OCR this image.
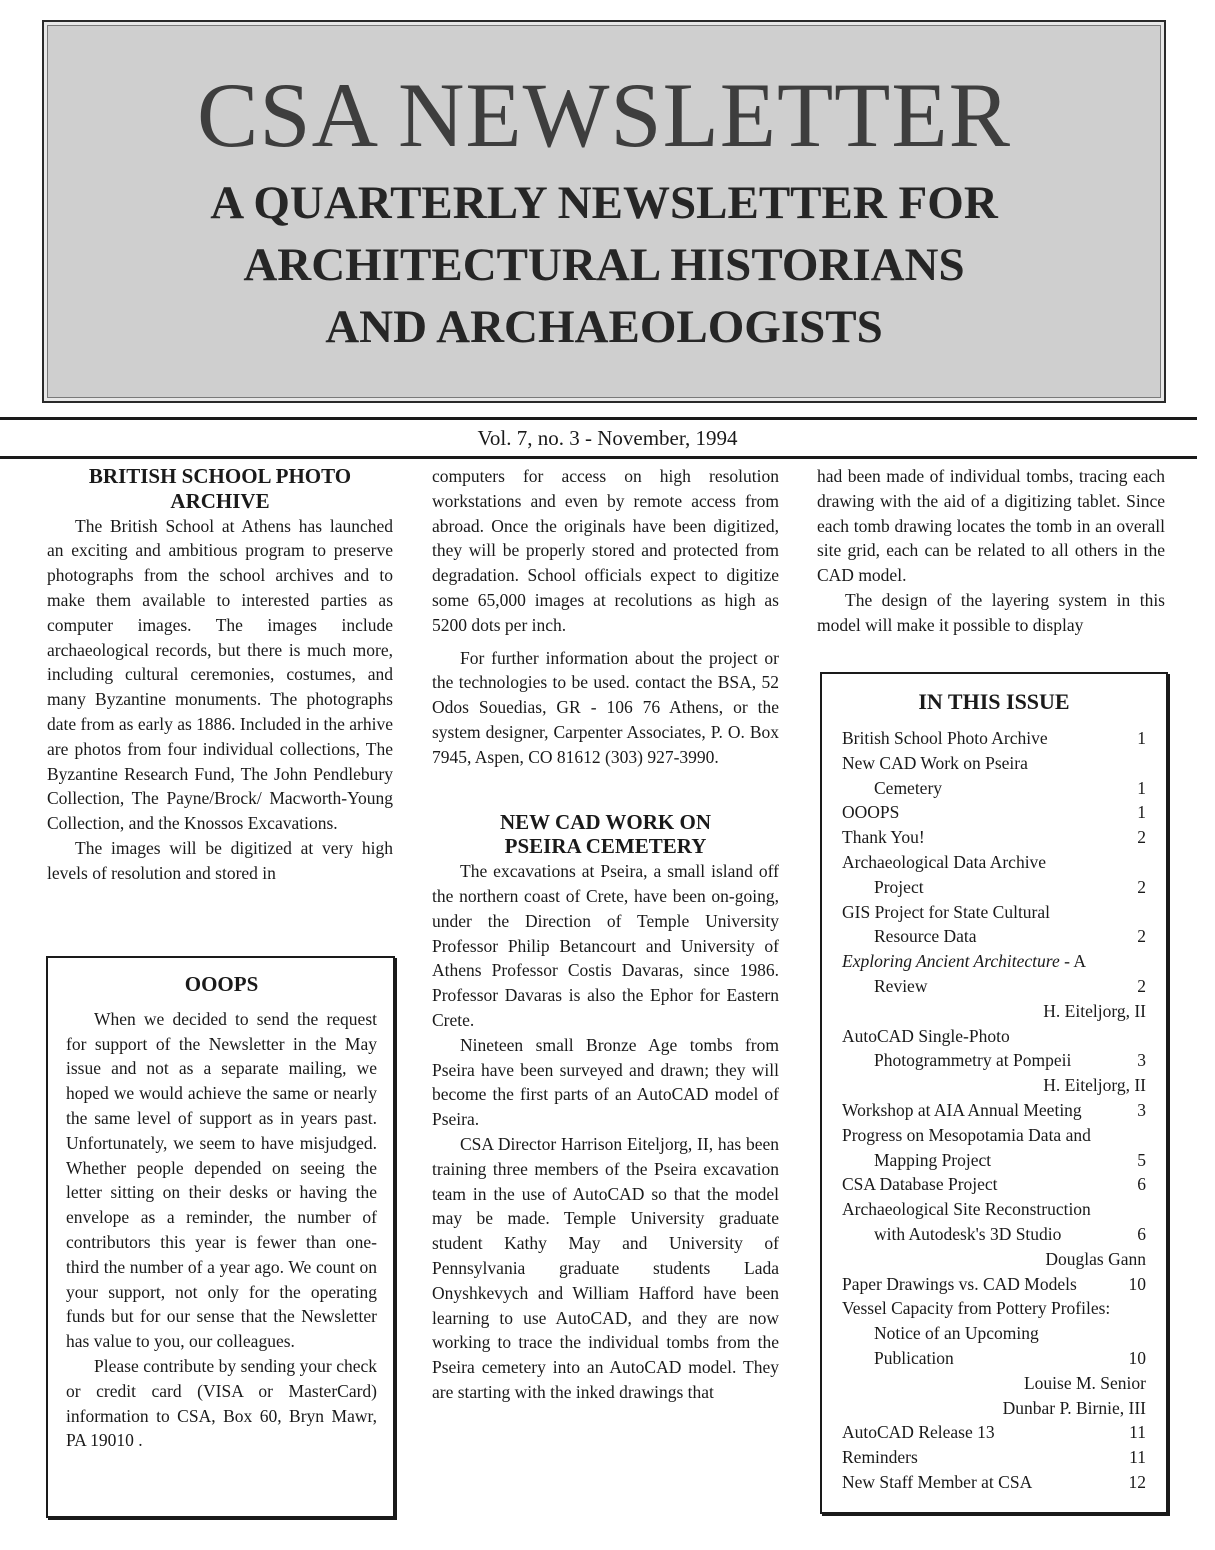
CSA NEWSLETTER
A QUARTERLY NEWSLETTER FOR
ARCHITECTURAL HISTORIANS
AND ARCHAEOLOGISTS
Vol. 7, no. 3 - November, 1994
BRITISH SCHOOL PHOTO
ARCHIVE

The British School at Athens has launched an exciting and ambitious program to preserve photographs from the school archives and to make them available to interested parties as computer images. The images include archaeological records, but there is much more, including cultural ceremonies, costumes, and many Byzantine monuments. The photographs date from as early as 1886. Included in the arhive are photos from four individual collections, The Byzantine Research Fund, The John Pendlebury Collection, The Payne/Brock/ Macworth-Young Collection, and the Knossos Excavations.

The images will be digitized at very high levels of resolution and stored in

OOOPS

When we decided to send the request for support of the Newsletter in the May issue and not as a separate mailing, we hoped we would achieve the same or nearly the same level of support as in years past. Unfortunately, we seem to have misjudged. Whether people depended on seeing the letter sitting on their desks or having the envelope as a reminder, the number of contributors this year is fewer than one-third the number of a year ago. We count on your support, not only for the operating funds but for our sense that the Newsletter has value to you, our colleagues.

Please contribute by sending your check or credit card (VISA or MasterCard) information to CSA, Box 60, Bryn Mawr, PA 19010 .

computers for access on high resolution workstations and even by remote access from abroad. Once the originals have been digitized, they will be properly stored and protected from degradation. School officials expect to digitize some 65,000 images at recolutions as high as 5200 dots per inch.

For further information about the project or the technologies to be used. contact the BSA, 52 Odos Souedias, GR - 106 76 Athens, or the system designer, Carpenter Associates, P. O. Box 7945, Aspen, CO 81612 (303) 927-3990.

NEW CAD WORK ON
PSEIRA CEMETERY

The excavations at Pseira, a small island off the northern coast of Crete, have been on-going, under the Direction of Temple University Professor Philip Betancourt and University of Athens Professor Costis Davaras, since 1986. Professor Davaras is also the Ephor for Eastern Crete.

Nineteen small Bronze Age tombs from Pseira have been surveyed and drawn; they will become the first parts of an AutoCAD model of Pseira.

CSA Director Harrison Eiteljorg, II, has been training three members of the Pseira excavation team in the use of AutoCAD so that the model may be made. Temple University graduate student Kathy May and University of Pennsylvania graduate students Lada Onyshkevych and William Hafford have been learning to use AutoCAD, and they are now working to trace the individual tombs from the Pseira cemetery into an AutoCAD model. They are starting with the inked drawings that

had been made of individual tombs, tracing each drawing with the aid of a digitizing tablet. Since each tomb drawing locates the tomb in an overall site grid, each can be related to all others in the CAD model.

The design of the layering system in this model will make it possible to display

IN THIS ISSUE
British School Photo Archive	1
New CAD Work on Pseira
Cemetery	1
OOOPS	1
Thank You!	2
Archaeological Data Archive
Project	2
GIS Project for State Cultural
Resource Data	2
Exploring Ancient Architecture - A
Review	2
H. Eiteljorg, II
AutoCAD Single-Photo
Photogrammetry at Pompeii	3
H. Eiteljorg, II
Workshop at AIA Annual Meeting	3
Progress on Mesopotamia Data and
Mapping Project	5
CSA Database Project	6
Archaeological Site Reconstruction
with Autodesk's 3D Studio	6
Douglas Gann
Paper Drawings vs. CAD Models	10
Vessel Capacity from Pottery Profiles:
Notice of an Upcoming
Publication	10
Louise M. Senior
Dunbar P. Birnie, III
AutoCAD Release 13	11
Reminders	11
New Staff Member at CSA	12
